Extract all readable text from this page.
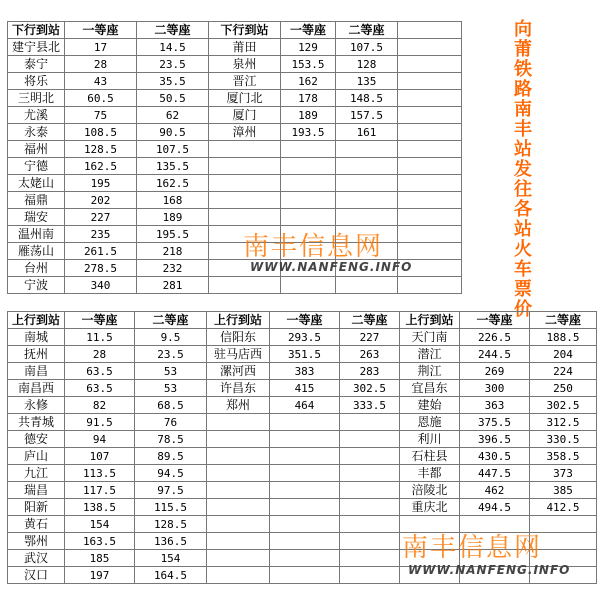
下行到站	一等座	二等座	下行到站	一等座	二等座	
建宁县北	17	14.5	莆田	129	107.5	
泰宁	28	23.5	泉州	153.5	128	
将乐	43	35.5	晋江	162	135	
三明北	60.5	50.5	厦门北	178	148.5	
尤溪	75	62	厦门	189	157.5	
永泰	108.5	90.5	漳州	193.5	161	
福州	128.5	107.5				
宁德	162.5	135.5				
太姥山	195	162.5				
福鼎	202	168				
瑞安	227	189				
温州南	235	195.5				
雁荡山	261.5	218				
台州	278.5	232				
宁波	340	281				
向莆铁路南丰站发往各站火车票价
南丰信息网
WWW.NANFENG.INFO
上行到站	一等座	二等座	上行到站	一等座	二等座	上行到站	一等座	二等座
南城	11.5	9.5	信阳东	293.5	227	天门南	226.5	188.5
抚州	28	23.5	驻马店西	351.5	263	潜江	244.5	204
南昌	63.5	53	漯河西	383	283	荆江	269	224
南昌西	63.5	53	许昌东	415	302.5	宜昌东	300	250
永修	82	68.5	郑州	464	333.5	建始	363	302.5
共青城	91.5	76				恩施	375.5	312.5
德安	94	78.5				利川	396.5	330.5
庐山	107	89.5				石柱县	430.5	358.5
九江	113.5	94.5				丰都	447.5	373
瑞昌	117.5	97.5				涪陵北	462	385
阳新	138.5	115.5				重庆北	494.5	412.5
黄石	154	128.5						
鄂州	163.5	136.5						
武汉	185	154						
汉口	197	164.5						
南丰信息网
WWW.NANFENG.INFO
